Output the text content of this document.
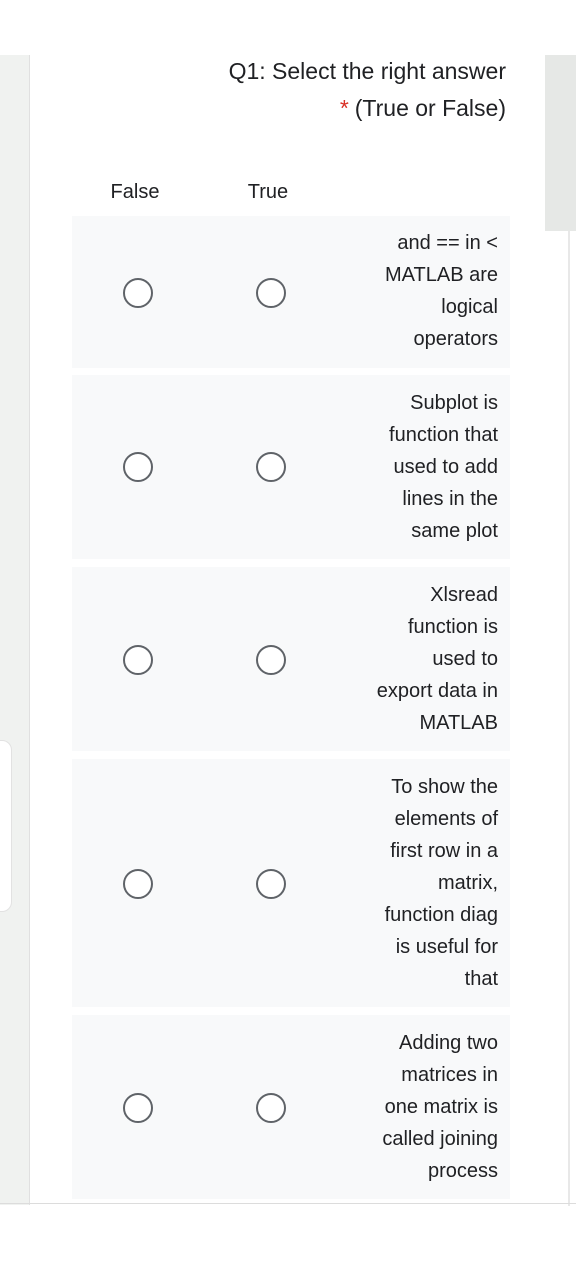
Q1: Select the right answer
* (True or False)
False	True
and == in <
MATLAB are
logical
operators
Subplot is
function that
used to add
lines in the
same plot
Xlsread
function is
used to
export data in
MATLAB
To show the
elements of
first row in a
matrix,
function diag
is useful for
that
Adding two
matrices in
one matrix is
called joining
process
